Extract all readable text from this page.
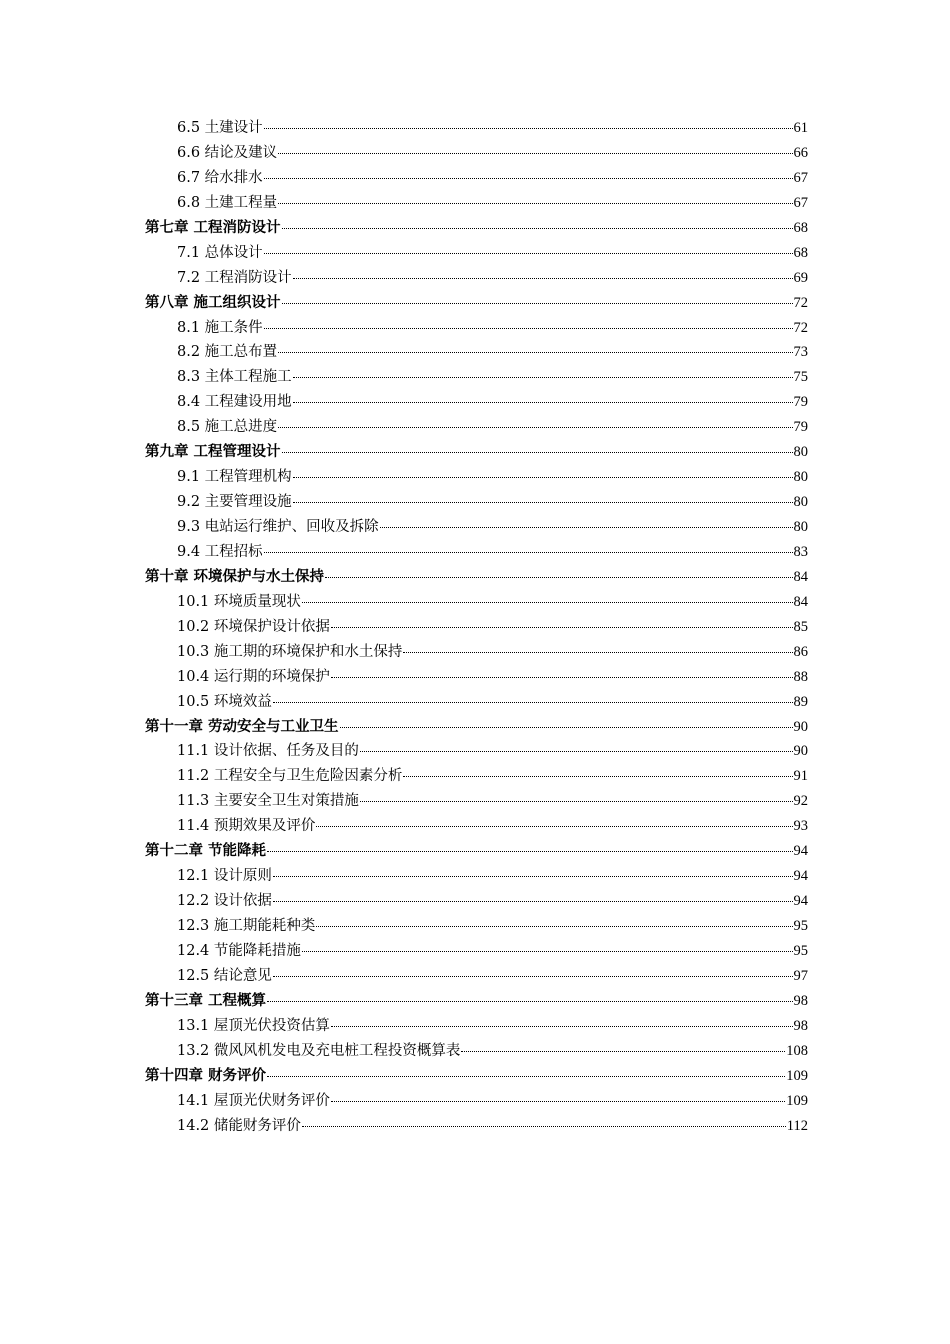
6.5 土建设计	61
6.6 结论及建议	66
6.7 给水排水	67
6.8 土建工程量	67
第七章 工程消防设计	68
7.1 总体设计	68
7.2 工程消防设计	69
第八章 施工组织设计	72
8.1 施工条件	72
8.2 施工总布置	73
8.3 主体工程施工	75
8.4 工程建设用地	79
8.5 施工总进度	79
第九章 工程管理设计	80
9.1 工程管理机构	80
9.2 主要管理设施	80
9.3 电站运行维护、回收及拆除	80
9.4 工程招标	83
第十章 环境保护与水土保持	84
10.1 环境质量现状	84
10.2 环境保护设计依据	85
10.3 施工期的环境保护和水土保持	86
10.4 运行期的环境保护	88
10.5 环境效益	89
第十一章 劳动安全与工业卫生	90
11.1 设计依据、任务及目的	90
11.2 工程安全与卫生危险因素分析	91
11.3 主要安全卫生对策措施	92
11.4 预期效果及评价	93
第十二章 节能降耗	94
12.1 设计原则	94
12.2 设计依据	94
12.3 施工期能耗种类	95
12.4 节能降耗措施	95
12.5 结论意见	97
第十三章 工程概算	98
13.1 屋顶光伏投资估算	98
13.2 微风风机发电及充电桩工程投资概算表	108
第十四章 财务评价	109
14.1 屋顶光伏财务评价	109
14.2 储能财务评价	112
